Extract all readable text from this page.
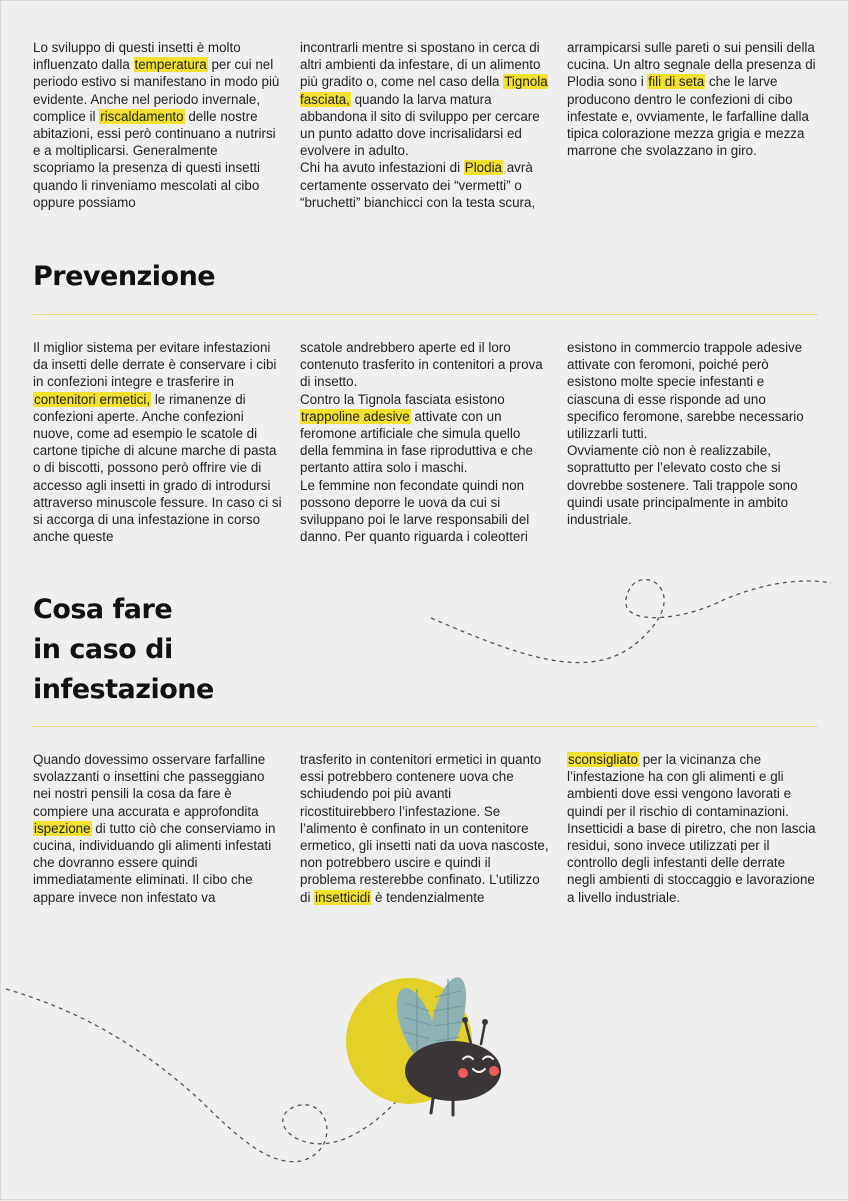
Lo sviluppo di questi insetti è molto influenzato dalla temperatura per cui nel periodo estivo si manifestano in modo più evidente. Anche nel periodo invernale, complice il riscaldamento delle nostre abitazioni, essi però continuano a nutrirsi e a moltiplicarsi. Generalmente scopriamo la presenza di questi insetti quando li rinveniamo mescolati al cibo oppure possiamo

incontrarli mentre si spostano in cerca di altri ambienti da infestare, di un alimento più gradito o, come nel caso della Tignola fasciata, quando la larva matura abbandona il sito di sviluppo per cercare un punto adatto dove incrisalidarsi ed evolvere in adulto.
Chi ha avuto infestazioni di Plodia avrà certamente osservato dei “vermetti” o “bruchetti” bianchicci con la testa scura,

arrampicarsi sulle pareti o sui pensili della cucina. Un altro segnale della presenza di Plodia sono i fili di seta che le larve producono dentro le confezioni di cibo infestate e, ovviamente, le farfalline dalla tipica colorazione mezza grigia e mezza marrone che svolazzano in giro.

Prevenzione

Il miglior sistema per evitare infestazioni da insetti delle derrate è conservare i cibi in confezioni integre e trasferire in contenitori ermetici, le rimanenze di confezioni aperte. Anche confezioni nuove, come ad esempio le scatole di cartone tipiche di alcune marche di pasta o di biscotti, possono però offrire vie di accesso agli insetti in grado di introdursi attraverso minuscole fessure. In caso ci si si accorga di una infestazione in corso anche queste

scatole andrebbero aperte ed il loro contenuto trasferito in contenitori a prova di insetto.
Contro la Tignola fasciata esistono trappoline adesive attivate con un feromone artificiale che simula quello della femmina in fase riproduttiva e che pertanto attira solo i maschi.
Le femmine non fecondate quindi non possono deporre le uova da cui si sviluppano poi le larve responsabili del danno. Per quanto riguarda i coleotteri

esistono in commercio trappole adesive attivate con feromoni, poiché però esistono molte specie infestanti e ciascuna di esse risponde ad uno specifico feromone, sarebbe necessario utilizzarli tutti.
Ovviamente ciò non è realizzabile, soprattutto per l’elevato costo che si dovrebbe sostenere. Tali trappole sono quindi usate principalmente in ambito industriale.

Cosa fare
in caso di
infestazione

Quando dovessimo osservare farfalline svolazzanti o insettini che passeggiano nei nostri pensili la cosa da fare è compiere una accurata e approfondita ispezione di tutto ciò che conserviamo in cucina, individuando gli alimenti infestati che dovranno essere quindi immediatamente eliminati. Il cibo che appare invece non infestato va

trasferito in contenitori ermetici in quanto essi potrebbero contenere uova che schiudendo poi più avanti ricostituirebbero l’infestazione. Se l’alimento è confinato in un contenitore ermetico, gli insetti nati da uova nascoste, non potrebbero uscire e quindi il problema resterebbe confinato. L’utilizzo di insetticidi è tendenzialmente

sconsigliato per la vicinanza che l’infestazione ha con gli alimenti e gli ambienti dove essi vengono lavorati e quindi per il rischio di contaminazioni. Insetticidi a base di piretro, che non lascia residui, sono invece utilizzati per il controllo degli infestanti delle derrate negli ambienti di stoccaggio e lavorazione a livello industriale.
